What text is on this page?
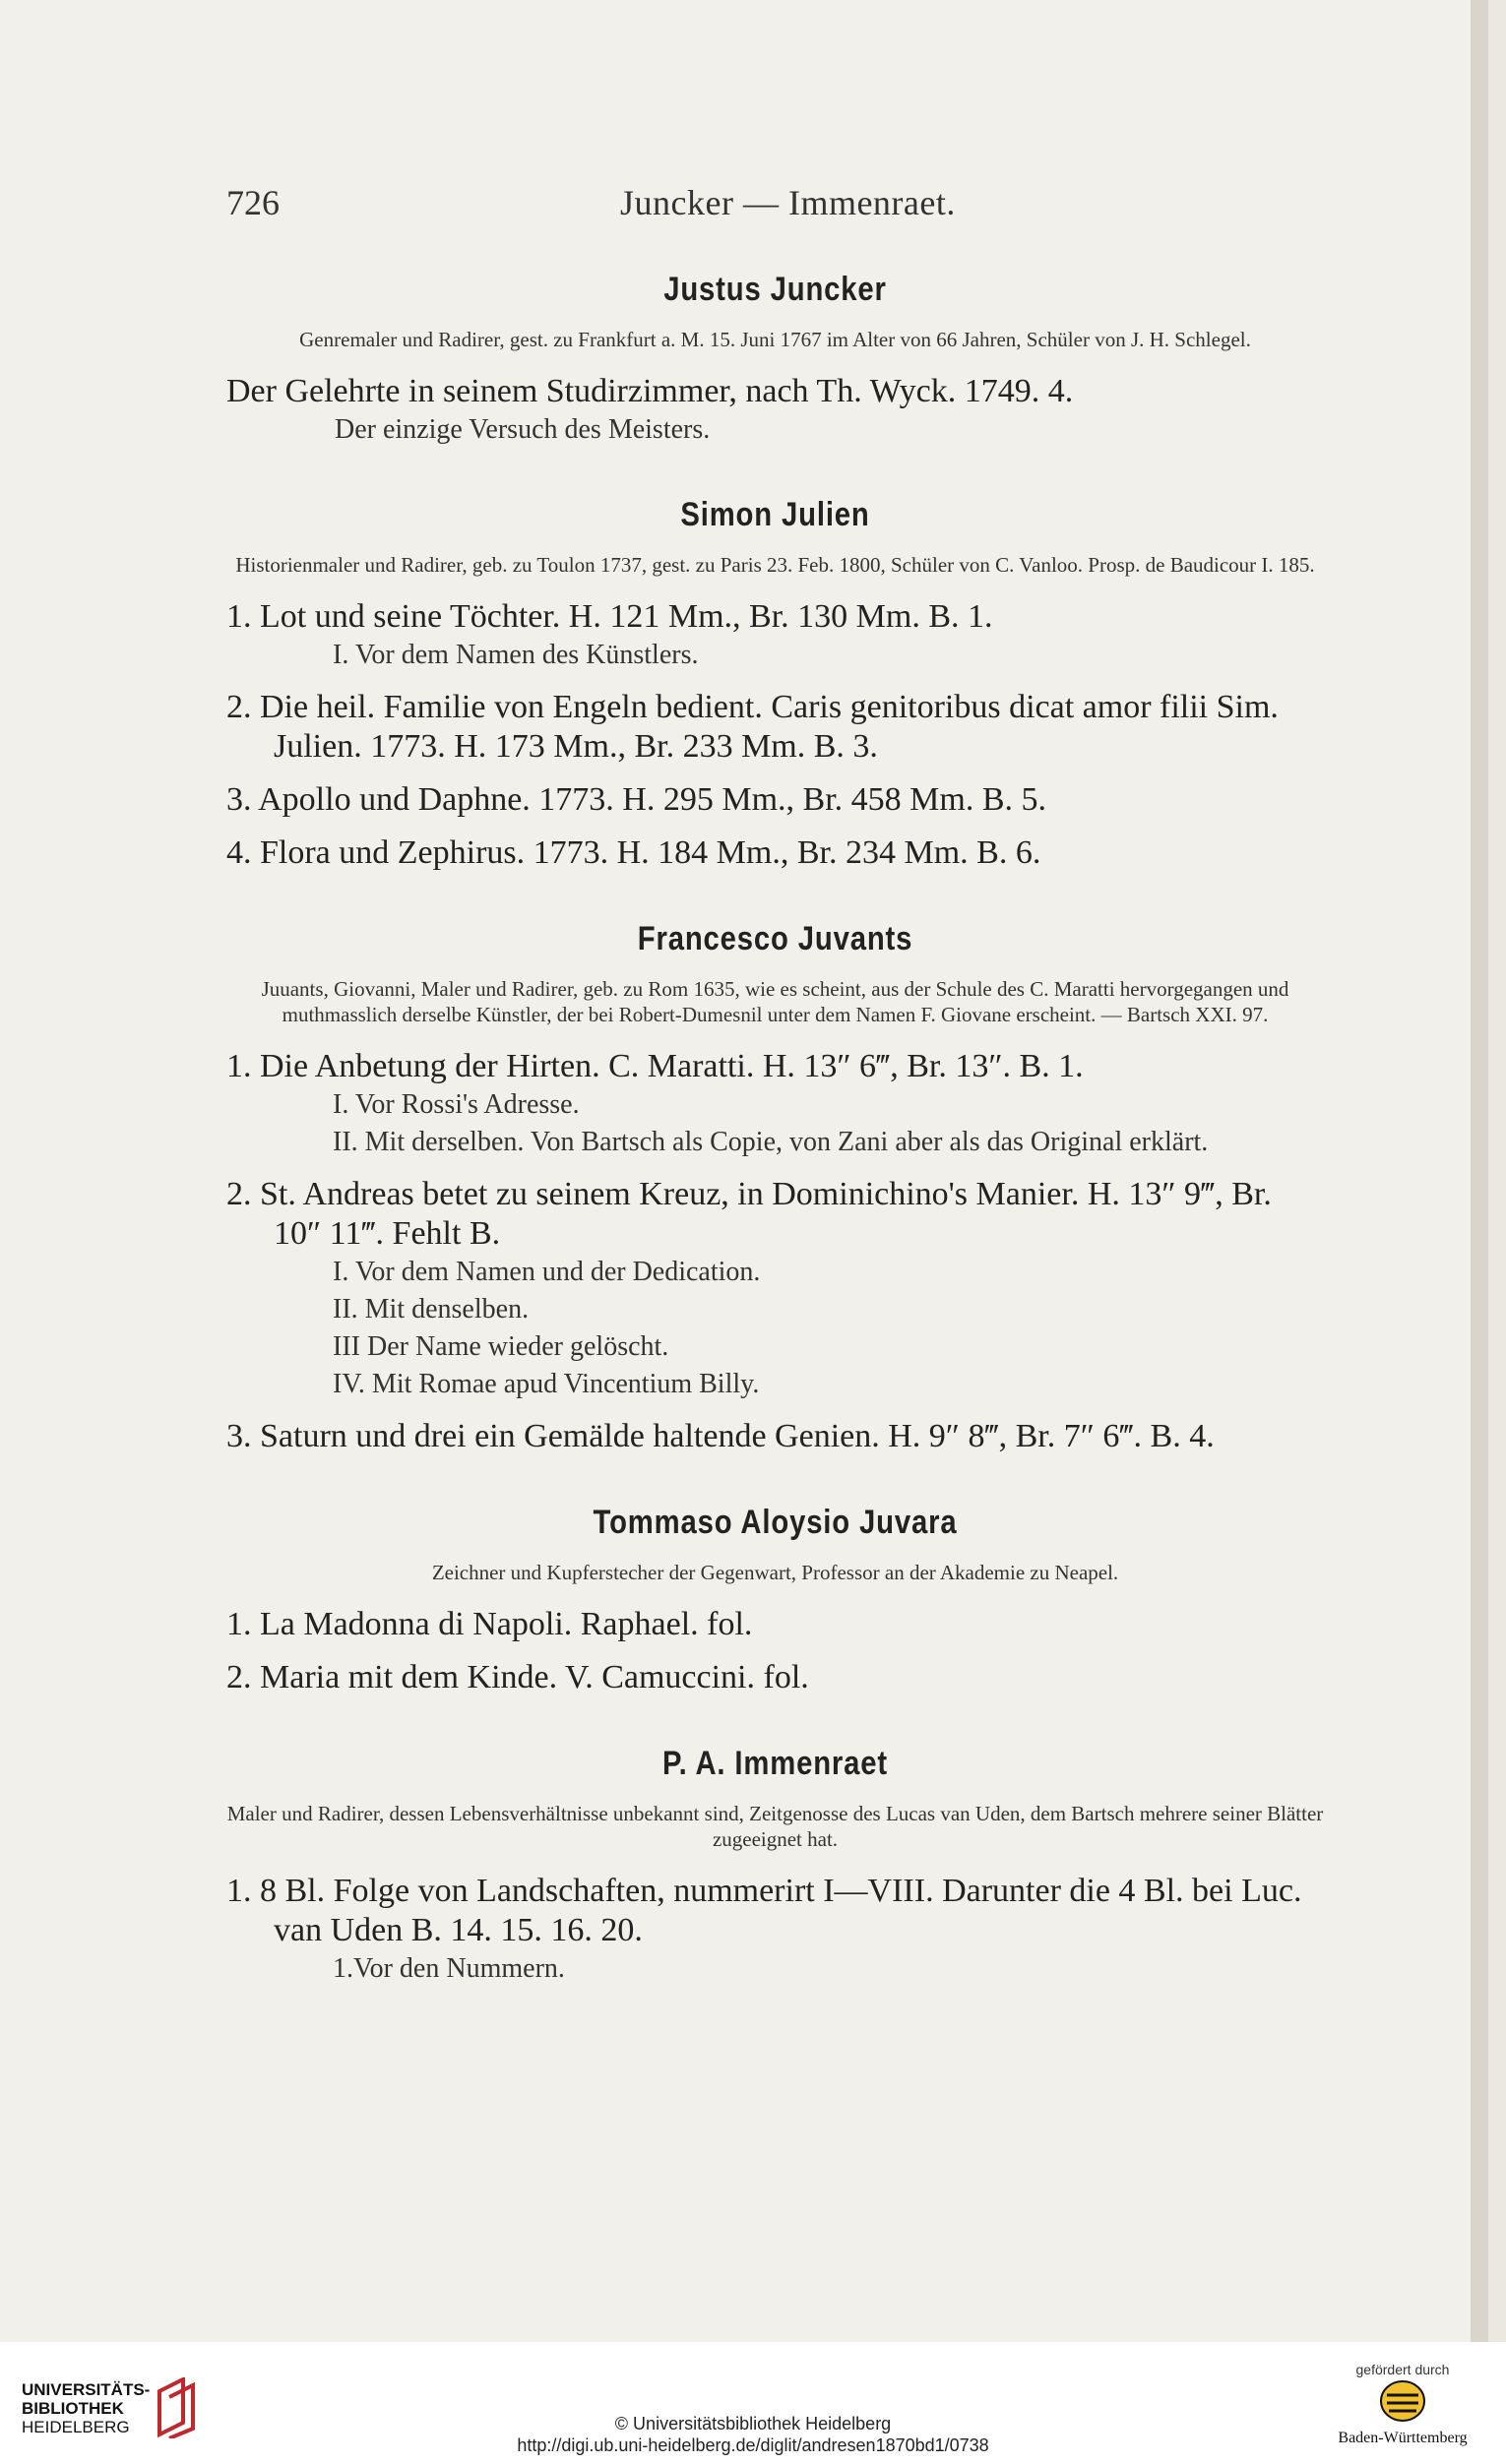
726	Juncker — Immenraet.
Justus Juncker

Genremaler und Radirer, gest. zu Frankfurt a. M. 15. Juni 1767 im Alter von 66 Jahren, Schüler von J. H. Schlegel.

Der Gelehrte in seinem Studirzimmer, nach Th. Wyck. 1749. 4.

Der einzige Versuch des Meisters.

Simon Julien

Historienmaler und Radirer, geb. zu Toulon 1737, gest. zu Paris 23. Feb. 1800, Schüler von C. Vanloo. Prosp. de Baudicour I. 185.

1. Lot und seine Töchter. H. 121 Mm., Br. 130 Mm. B. 1.

I. Vor dem Namen des Künstlers.

2. Die heil. Familie von Engeln bedient. Caris genitoribus dicat amor filii Sim. Julien. 1773. H. 173 Mm., Br. 233 Mm. B. 3.

3. Apollo und Daphne. 1773. H. 295 Mm., Br. 458 Mm. B. 5.

4. Flora und Zephirus. 1773. H. 184 Mm., Br. 234 Mm. B. 6.

Francesco Juvants

Juuants, Giovanni, Maler und Radirer, geb. zu Rom 1635, wie es scheint, aus der Schule des C. Maratti hervorgegangen und muthmasslich derselbe Künstler, der bei Robert-Dumesnil unter dem Namen F. Giovane erscheint. — Bartsch XXI. 97.

1. Die Anbetung der Hirten. C. Maratti. H. 13″ 6‴, Br. 13″. B. 1.

I. Vor Rossi's Adresse.

II. Mit derselben. Von Bartsch als Copie, von Zani aber als das Original erklärt.

2. St. Andreas betet zu seinem Kreuz, in Dominichino's Manier. H. 13″ 9‴, Br. 10″ 11‴. Fehlt B.

I. Vor dem Namen und der Dedication.

II. Mit denselben.

III Der Name wieder gelöscht.

IV. Mit Romae apud Vincentium Billy.

3. Saturn und drei ein Gemälde haltende Genien. H. 9″ 8‴, Br. 7″ 6‴. B. 4.

Tommaso Aloysio Juvara

Zeichner und Kupferstecher der Gegenwart, Professor an der Akademie zu Neapel.

1. La Madonna di Napoli. Raphael. fol.

2. Maria mit dem Kinde. V. Camuccini. fol.

P. A. Immenraet

Maler und Radirer, dessen Lebensverhältnisse unbekannt sind, Zeitgenosse des Lucas van Uden, dem Bartsch mehrere seiner Blätter zugeeignet hat.

1. 8 Bl. Folge von Landschaften, nummerirt I—VIII. Darunter die 4 Bl. bei Luc. van Uden B. 14. 15. 16. 20.

1.Vor den Nummern.

UNIVERSITÄTS-
BIBLIOTHEK
HEIDELBERG	© Universitätsbibliothek Heidelberg
http://digi.ub.uni-heidelberg.de/diglit/andresen1870bd1/0738
gefördert durch
Baden-Württemberg
